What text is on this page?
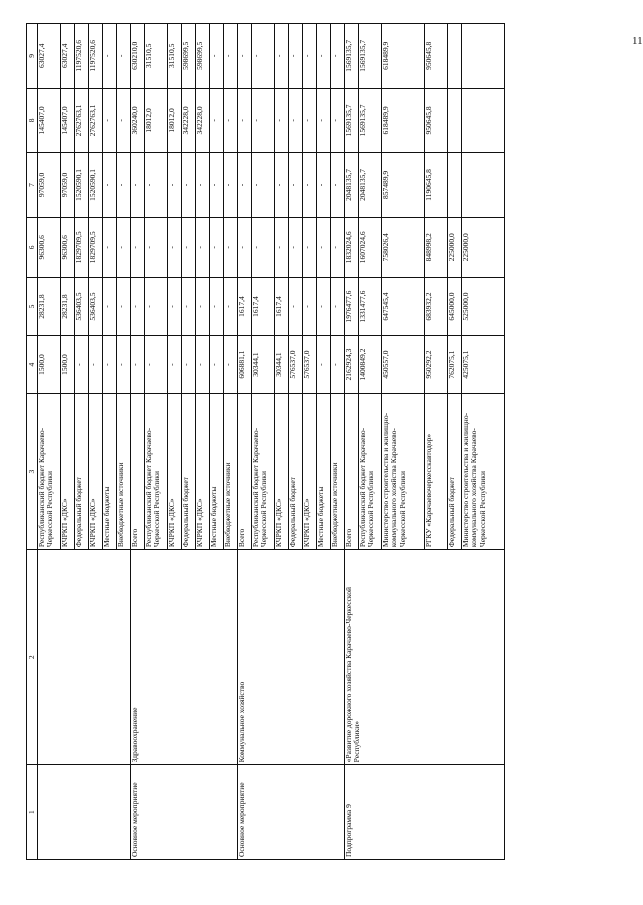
1	2	3	4	5	6	7	8	9
		Республиканский бюджет Карачаево-Черкесской Республики	1500,0	28231,8	96300,6	97059,0	145407,0	63027,4
		КЧРКП «ДКС»	1500,0	28231,8	96300,6	97059,0	145407,0	63027,4
		Федеральный бюджет	-	536403,5	1829709,5	1520590,1	2762763,1	1197520,6
		КЧРКП «ДКС»	-	536403,5	1829709,5	1520590,1	2762763,1	1197520,6
		Местные бюджеты	-	-	-	-	-	-
		Внебюджетные источники	-	-	-	-	-	-
Основное мероприятие	Здравоохранение	Всего	-	-	-	-	360240,0	630210,0
		Республиканский бюджет Карачаево-Черкесской Республики	-	-	-	-	18012,0	31510,5
		КЧРКП «ДКС»	-	-	-	-	18012,0	31510,5
		Федеральный бюджет	-	-	-	-	342228,0	598699,5
		КЧРКП «ДКС»	-	-	-	-	342228,0	598699,5
		Местные бюджеты	-	-	-	-	-	-
		Внебюджетные источники	-	-	-	-	-	-
Основное мероприятие	Коммунальное хозяйство	Всего	606881,1	1617,4	-	-	-	-
		Республиканский бюджет Карачаево-Черкесской Республики	30344,1	1617,4	-	-	-	-
		КЧРКП «ДКС»	30344,1	1617,4	-	-	-	-
		Федеральный бюджет	576537,0	-	-	-	-	-
		КЧРКП «ДКС»	576537,0	-	-	-	-	-
		Местные бюджеты	-	-	-	-	-	-
		Внебюджетные источники	-	-	-	-	-	-
Подпрограмма 9	«Развитие дорожного хозяйства Карачаево-Черкесской Республики»	Всего	2162924,3	1976477,6	1832024,6	2048135,7	1569135,7	1569135,7
		Республиканский бюджет Карачаево-Черкесской Республики	1400849,2	1331477,6	1607024,6	2048135,7	1569135,7	1569135,7
		Министерство строительства и жилищно-коммунального хозяйства Карачаево-Черкесской Республики	450557,0	647545,4	758026,4	857489,9	618489,9	618489,9
		РГКУ «Карачаевочеркесскавтодор»	950292,2	683932,2	848998,2	1190645,8	950645,8	950645,8
		Федеральный бюджет	762075,1	645000,0	225000,0			
		Министерство строительства и жилищно-коммунального хозяйства Карачаево-Черкесской Республики	425075,1	525000,0	225000,0			
11
